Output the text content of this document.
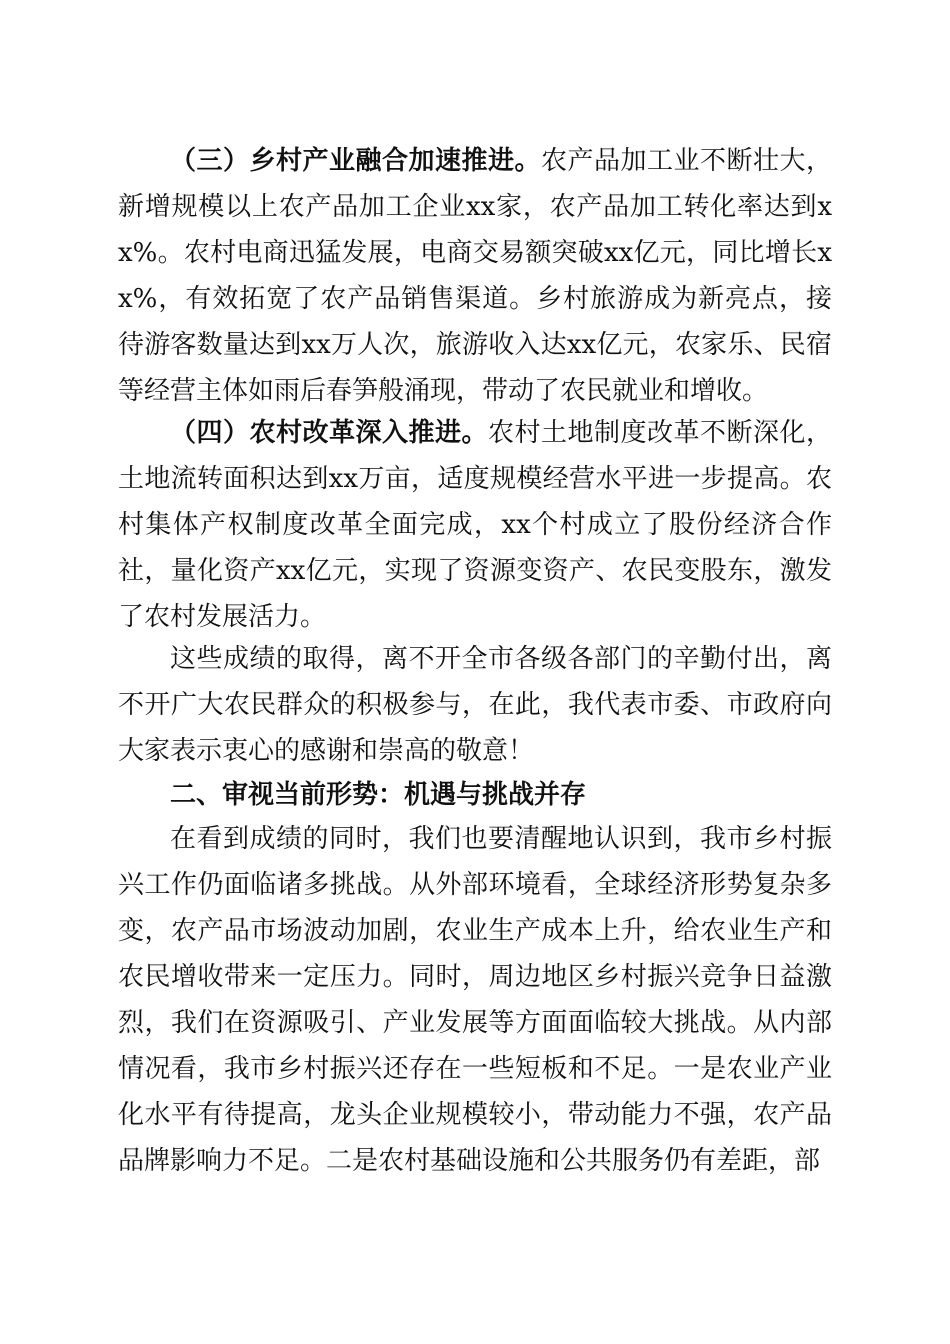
（三）乡村产业融合加速推进。农产品加工业不断壮大，新增规模以上农产品加工企业xx家，农产品加工转化率达到xx%。农村电商迅猛发展，电商交易额突破xx亿元，同比增长xx%，有效拓宽了农产品销售渠道。乡村旅游成为新亮点，接待游客数量达到xx万人次，旅游收入达xx亿元，农家乐、民宿等经营主体如雨后春笋般涌现，带动了农民就业和增收。

（四）农村改革深入推进。农村土地制度改革不断深化，土地流转面积达到xx万亩，适度规模经营水平进一步提高。农村集体产权制度改革全面完成，xx个村成立了股份经济合作社，量化资产xx亿元，实现了资源变资产、农民变股东，激发了农村发展活力。

这些成绩的取得，离不开全市各级各部门的辛勤付出，离不开广大农民群众的积极参与，在此，我代表市委、市政府向大家表示衷心的感谢和崇高的敬意！

二、审视当前形势：机遇与挑战并存

在看到成绩的同时，我们也要清醒地认识到，我市乡村振兴工作仍面临诸多挑战。从外部环境看，全球经济形势复杂多变，农产品市场波动加剧，农业生产成本上升，给农业生产和农民增收带来一定压力。同时，周边地区乡村振兴竞争日益激烈，我们在资源吸引、产业发展等方面面临较大挑战。从内部情况看，我市乡村振兴还存在一些短板和不足。一是农业产业化水平有待提高，龙头企业规模较小，带动能力不强，农产品品牌影响力不足。二是农村基础设施和公共服务仍有差距，部
